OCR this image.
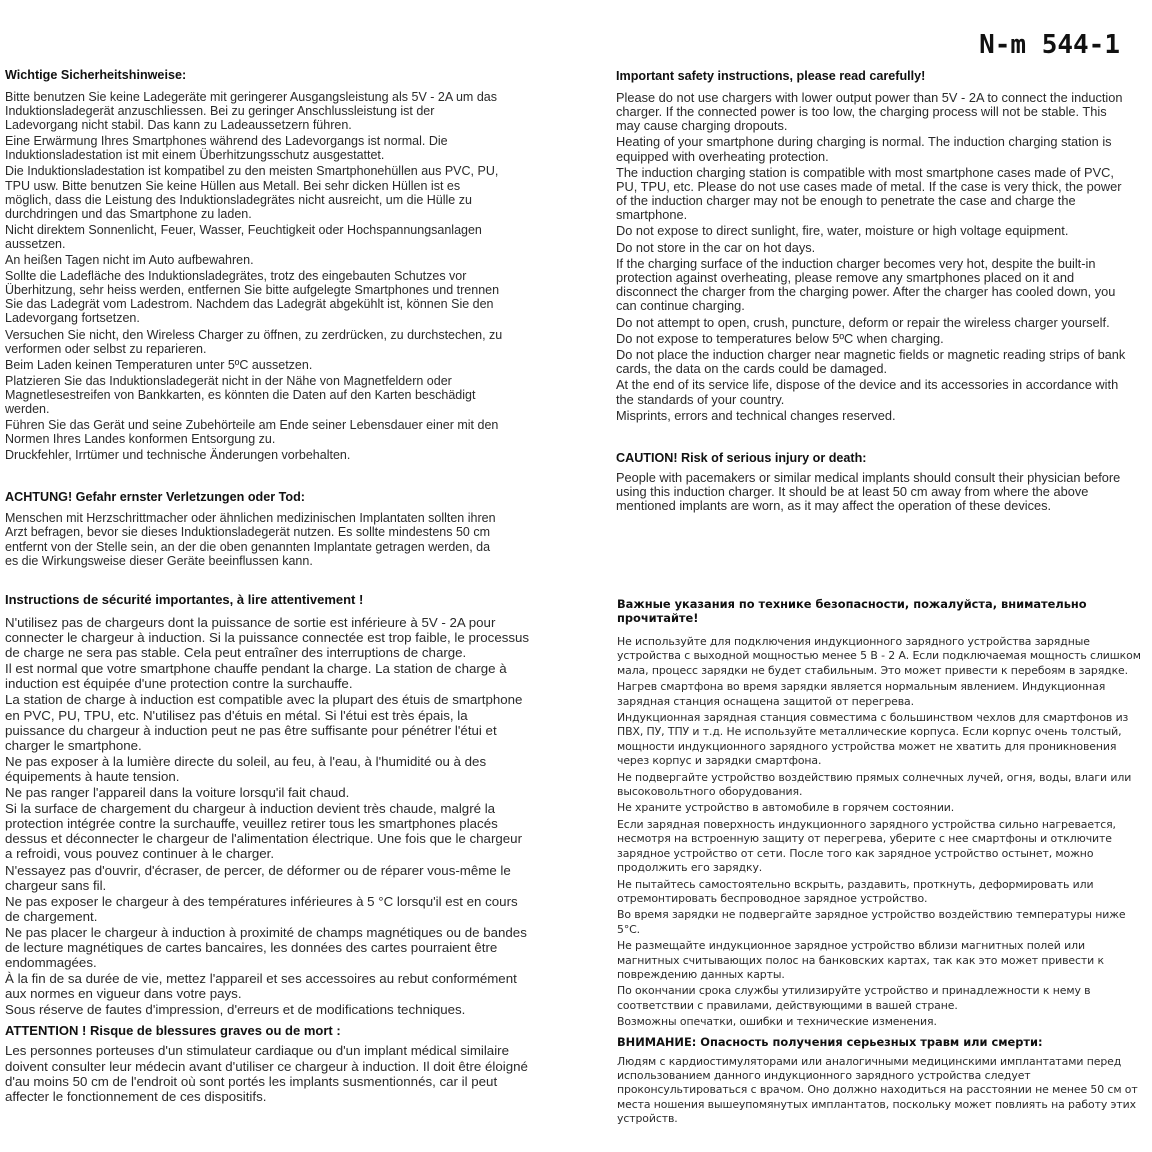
N-m 544-1
Wichtige Sicherheitshinweise:

Bitte benutzen Sie keine Ladegeräte mit geringerer Ausgangsleistung als 5V - 2A um das Induktionsladegerät anzuschliessen. Bei zu geringer Anschlussleistung ist der Ladevorgang nicht stabil. Das kann zu Ladeaussetzern führen.

Eine Erwärmung Ihres Smartphones während des Ladevorgangs ist normal. Die Induktionsladestation ist mit einem Überhitzungsschutz ausgestattet.

Die Induktionsladestation ist kompatibel zu den meisten Smartphonehüllen aus PVC, PU, TPU usw. Bitte benutzen Sie keine Hüllen aus Metall. Bei sehr dicken Hüllen ist es möglich, dass die Leistung des Induktionsladegrätes nicht ausreicht, um die Hülle zu durchdringen und das Smartphone zu laden.

Nicht direktem Sonnenlicht, Feuer, Wasser, Feuchtigkeit oder Hochspannungsanlagen aussetzen.

An heißen Tagen nicht im Auto aufbewahren.

Sollte die Ladefläche des Induktionsladegrätes, trotz des eingebauten Schutzes vor Überhitzung, sehr heiss werden, entfernen Sie bitte aufgelegte Smartphones und trennen Sie das Ladegrät vom Ladestrom. Nachdem das Ladegrät abgekühlt ist, können Sie den Ladevorgang fortsetzen.

Versuchen Sie nicht, den Wireless Charger zu öffnen, zu zerdrücken, zu durchstechen, zu verformen oder selbst zu reparieren.

Beim Laden keinen Temperaturen unter 5ºC aussetzen.

Platzieren Sie das Induktionsladegerät nicht in der Nähe von Magnetfeldern oder Magnetlesestreifen von Bankkarten, es könnten die Daten auf den Karten beschädigt werden.

Führen Sie das Gerät und seine Zubehörteile am Ende seiner Lebensdauer einer mit den Normen Ihres Landes konformen Entsorgung zu.

Druckfehler, Irrtümer und technische Änderungen vorbehalten.

ACHTUNG! Gefahr ernster Verletzungen oder Tod:

Menschen mit Herzschrittmacher oder ähnlichen medizinischen Implantaten sollten ihren Arzt befragen, bevor sie dieses Induktionsladegerät nutzen. Es sollte mindestens 50 cm entfernt von der Stelle sein, an der die oben genannten Implantate getragen werden, da es die Wirkungsweise dieser Geräte beeinflussen kann.

Important safety instructions, please read carefully!

Please do not use chargers with lower output power than 5V - 2A to connect the induction charger. If the connected power is too low, the charging process will not be stable. This may cause charging dropouts.

Heating of your smartphone during charging is normal. The induction charging station is equipped with overheating protection.

The induction charging station is compatible with most smartphone cases made of PVC, PU, TPU, etc. Please do not use cases made of metal. If the case is very thick, the power of the induction charger may not be enough to penetrate the case and charge the smartphone.

Do not expose to direct sunlight, fire, water, moisture or high voltage equipment.

Do not store in the car on hot days.

If the charging surface of the induction charger becomes very hot, despite the built-in protection against overheating, please remove any smartphones placed on it and disconnect the charger from the charging power. After the charger has cooled down, you can continue charging.

Do not attempt to open, crush, puncture, deform or repair the wireless charger yourself.

Do not expose to temperatures below 5ºC when charging.

Do not place the induction charger near magnetic fields or magnetic reading strips of bank cards, the data on the cards could be damaged.

At the end of its service life, dispose of the device and its accessories in accordance with the standards of your country.

Misprints, errors and technical changes reserved.

CAUTION! Risk of serious injury or death:

People with pacemakers or similar medical implants should consult their physician before using this induction charger. It should be at least 50 cm away from where the above mentioned implants are worn, as it may affect the operation of these devices.

Instructions de sécurité importantes, à lire attentivement !

N'utilisez pas de chargeurs dont la puissance de sortie est inférieure à 5V - 2A pour connecter le chargeur à induction. Si la puissance connectée est trop faible, le processus de charge ne sera pas stable. Cela peut entraîner des interruptions de charge.

Il est normal que votre smartphone chauffe pendant la charge. La station de charge à induction est équipée d'une protection contre la surchauffe.

La station de charge à induction est compatible avec la plupart des étuis de smartphone en PVC, PU, TPU, etc. N'utilisez pas d'étuis en métal. Si l'étui est très épais, la puissance du chargeur à induction peut ne pas être suffisante pour pénétrer l'étui et charger le smartphone.

Ne pas exposer à la lumière directe du soleil, au feu, à l'eau, à l'humidité ou à des équipements à haute tension.

Ne pas ranger l'appareil dans la voiture lorsqu'il fait chaud.

Si la surface de chargement du chargeur à induction devient très chaude, malgré la protection intégrée contre la surchauffe, veuillez retirer tous les smartphones placés dessus et déconnecter le chargeur de l'alimentation électrique. Une fois que le chargeur a refroidi, vous pouvez continuer à le charger.

N'essayez pas d'ouvrir, d'écraser, de percer, de déformer ou de réparer vous-même le chargeur sans fil.

Ne pas exposer le chargeur à des températures inférieures à 5 °C lorsqu'il est en cours de chargement.

Ne pas placer le chargeur à induction à proximité de champs magnétiques ou de bandes de lecture magnétiques de cartes bancaires, les données des cartes pourraient être endommagées.

À la fin de sa durée de vie, mettez l'appareil et ses accessoires au rebut conformément aux normes en vigueur dans votre pays.

Sous réserve de fautes d'impression, d'erreurs et de modifications techniques.

ATTENTION ! Risque de blessures graves ou de mort :

Les personnes porteuses d'un stimulateur cardiaque ou d'un implant médical similaire doivent consulter leur médecin avant d'utiliser ce chargeur à induction. Il doit être éloigné d'au moins 50 cm de l'endroit où sont portés les implants susmentionnés, car il peut affecter le fonctionnement de ces dispositifs.

Важные указания по технике безопасности, пожалуйста, внимательно прочитайте!

Не используйте для подключения индукционного зарядного устройства зарядные устройства с выходной мощностью менее 5 В - 2 А. Если подключаемая мощность слишком мала, процесс зарядки не будет стабильным. Это может привести к перебоям в зарядке.

Нагрев смартфона во время зарядки является нормальным явлением. Индукционная зарядная станция оснащена защитой от перегрева.

Индукционная зарядная станция совместима с большинством чехлов для смартфонов из ПВХ, ПУ, ТПУ и т.д. Не используйте металлические корпуса. Если корпус очень толстый, мощности индукционного зарядного устройства может не хватить для проникновения через корпус и зарядки смартфона.

Не подвергайте устройство воздействию прямых солнечных лучей, огня, воды, влаги или высоковольтного оборудования.

Не храните устройство в автомобиле в горячем состоянии.

Если зарядная поверхность индукционного зарядного устройства сильно нагревается, несмотря на встроенную защиту от перегрева, уберите с нее смартфоны и отключите зарядное устройство от сети. После того как зарядное устройство остынет, можно продолжить его зарядку.

Не пытайтесь самостоятельно вскрыть, раздавить, проткнуть, деформировать или отремонтировать беспроводное зарядное устройство.

Во время зарядки не подвергайте зарядное устройство воздействию температуры ниже 5°C.

Не размещайте индукционное зарядное устройство вблизи магнитных полей или магнитных считывающих полос на банковских картах, так как это может привести к повреждению данных карты.

По окончании срока службы утилизируйте устройство и принадлежности к нему в соответствии с правилами, действующими в вашей стране.

Возможны опечатки, ошибки и технические изменения.

ВНИМАНИЕ: Опасность получения серьезных травм или смерти:

Людям с кардиостимуляторами или аналогичными медицинскими имплантатами перед использованием данного индукционного зарядного устройства следует проконсультироваться с врачом. Оно должно находиться на расстоянии не менее 50 см от места ношения вышеупомянутых имплантатов, поскольку может повлиять на работу этих устройств.
